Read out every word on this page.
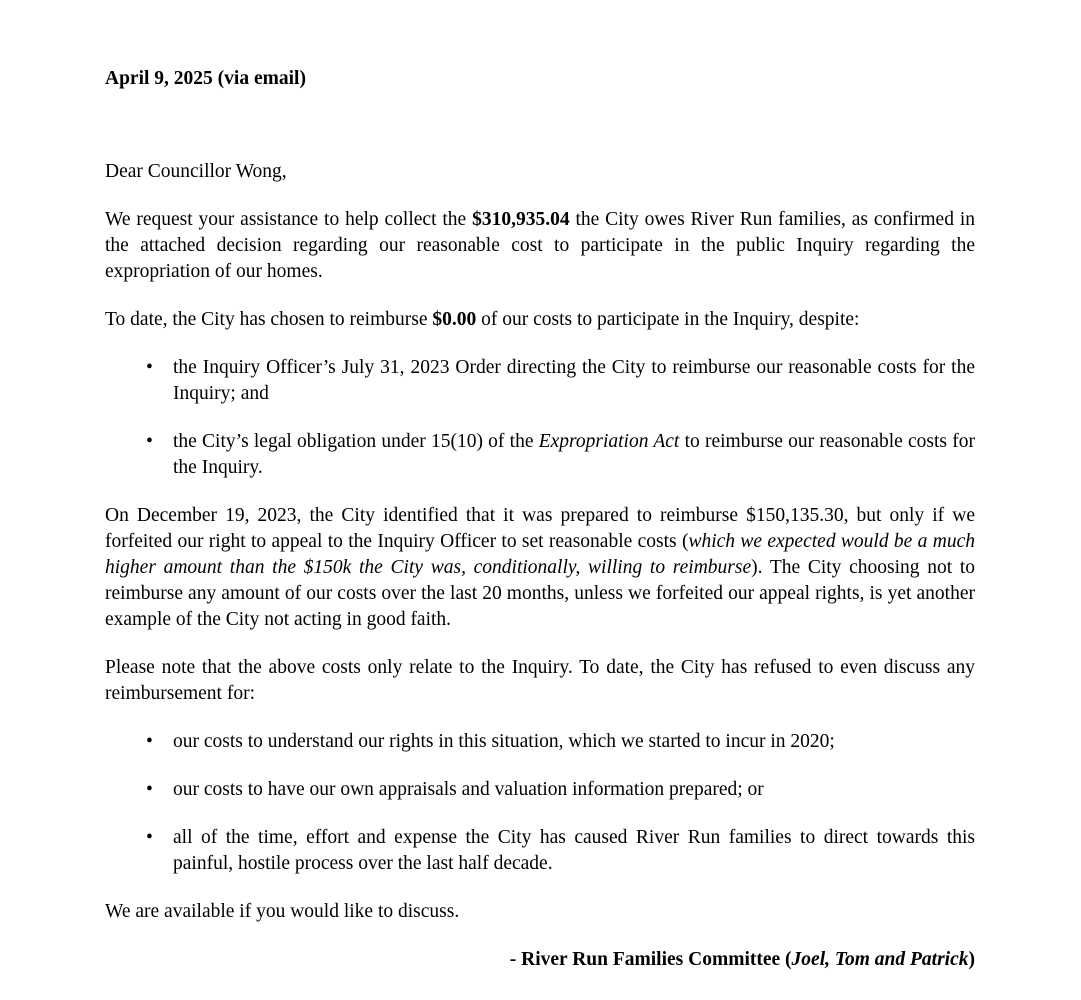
April 9, 2025 (via email)

Dear Councillor Wong,

We request your assistance to help collect the $310,935.04 the City owes River Run families, as confirmed in the attached decision regarding our reasonable cost to participate in the public Inquiry regarding the expropriation of our homes.

To date, the City has chosen to reimburse $0.00 of our costs to participate in the Inquiry, despite:

• the Inquiry Officer’s July 31, 2023 Order directing the City to reimburse our reasonable costs for the Inquiry; and
• the City’s legal obligation under 15(10) of the Expropriation Act to reimburse our reasonable costs for the Inquiry.

On December 19, 2023, the City identified that it was prepared to reimburse $150,135.30, but only if we forfeited our right to appeal to the Inquiry Officer to set reasonable costs (which we expected would be a much higher amount than the $150k the City was, conditionally, willing to reimburse). The City choosing not to reimburse any amount of our costs over the last 20 months, unless we forfeited our appeal rights, is yet another example of the City not acting in good faith.

Please note that the above costs only relate to the Inquiry. To date, the City has refused to even discuss any reimbursement for:

• our costs to understand our rights in this situation, which we started to incur in 2020;
• our costs to have our own appraisals and valuation information prepared; or
• all of the time, effort and expense the City has caused River Run families to direct towards this painful, hostile process over the last half decade.

We are available if you would like to discuss.

- River Run Families Committee (Joel, Tom and Patrick)
